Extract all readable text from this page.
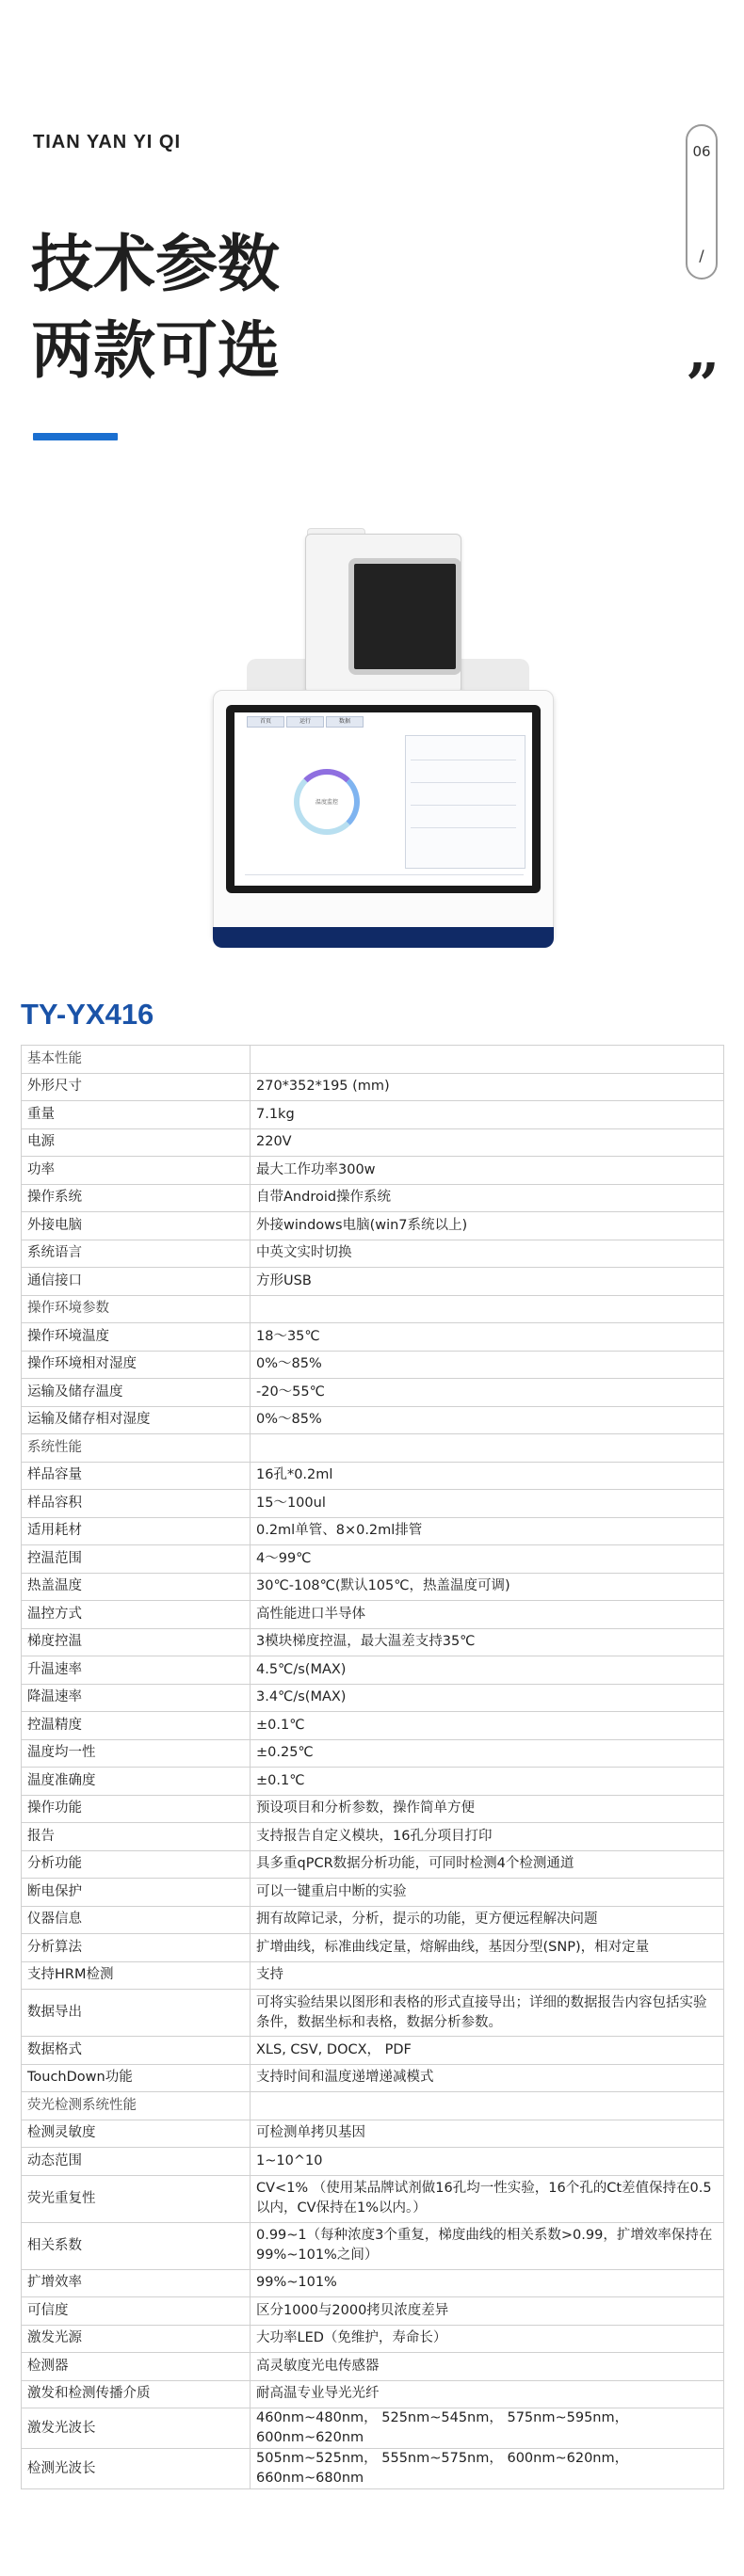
TIAN YAN YI QI	06
/
技术参数
两款可选	”
首页	运行	数据
温度监控
TY-YX416
基本性能	
外形尺寸	270*352*195 (mm)
重量	7.1kg
电源	220V
功率	最大工作功率300w
操作系统	自带Android操作系统
外接电脑	外接windows电脑(win7系统以上)
系统语言	中英文实时切换
通信接口	方形USB
操作环境参数	
操作环境温度	18～35℃
操作环境相对湿度	0%～85%
运输及储存温度	-20～55℃
运输及储存相对湿度	0%～85%
系统性能	
样品容量	16孔*0.2ml
样品容积	15～100ul
适用耗材	0.2ml单管、8×0.2ml排管
控温范围	4～99℃
热盖温度	30℃-108℃(默认105℃，热盖温度可调)
温控方式	高性能进口半导体
梯度控温	3模块梯度控温，最大温差支持35℃
升温速率	4.5℃/s(MAX)
降温速率	3.4℃/s(MAX)
控温精度	±0.1℃
温度均一性	±0.25℃
温度准确度	±0.1℃
操作功能	预设项目和分析参数，操作简单方便
报告	支持报告自定义模块，16孔分项目打印
分析功能	具多重qPCR数据分析功能，可同时检测4个检测通道
断电保护	可以一键重启中断的实验
仪器信息	拥有故障记录，分析，提示的功能，更方便远程解决问题
分析算法	扩增曲线，标准曲线定量，熔解曲线，基因分型(SNP)，相对定量
支持HRM检测	支持
数据导出	可将实验结果以图形和表格的形式直接导出；详细的数据报告内容包括实验条件，数据坐标和表格，数据分析参数。
数据格式	XLS, CSV, DOCX， PDF
TouchDown功能	支持时间和温度递增递减模式
荧光检测系统性能	
检测灵敏度	可检测单拷贝基因
动态范围	1~10^10
荧光重复性	CV<1% （使用某品牌试剂做16孔均一性实验，16个孔的Ct差值保持在0.5以内，CV保持在1%以内。）
相关系数	0.99~1（每种浓度3个重复，梯度曲线的相关系数>0.99，扩增效率保持在99%~101%之间）
扩增效率	99%~101%
可信度	区分1000与2000拷贝浓度差异
激发光源	大功率LED（免维护，寿命长）
检测器	高灵敏度光电传感器
激发和检测传播介质	耐高温专业导光光纤
激发光波长	460nm~480nm， 525nm~545nm， 575nm~595nm， 600nm~620nm
检测光波长	505nm~525nm， 555nm~575nm， 600nm~620nm， 660nm~680nm
